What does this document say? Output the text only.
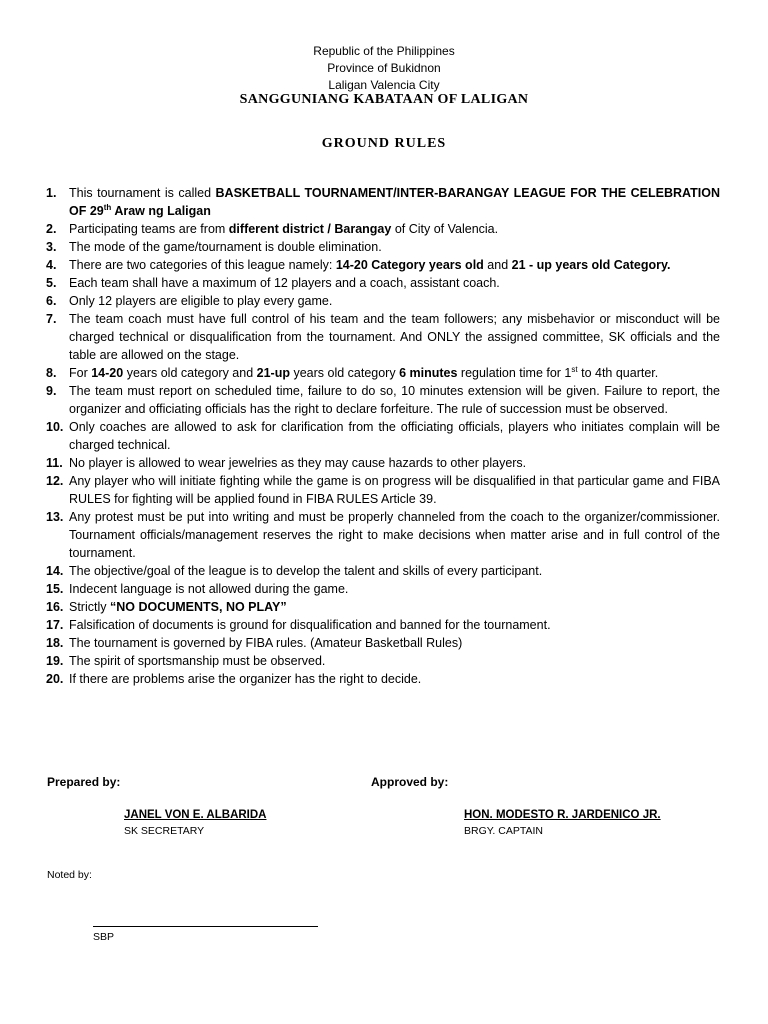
Republic of the Philippines
Province of Bukidnon
Laligan Valencia City
SANGGUNIANG KABATAAN OF LALIGAN
GROUND RULES
1. This tournament is called BASKETBALL TOURNAMENT/INTER-BARANGAY LEAGUE FOR THE CELEBRATION OF 29th Araw ng Laligan
2. Participating teams are from different district / Barangay of City of Valencia.
3. The mode of the game/tournament is double elimination.
4. There are two categories of this league namely: 14-20 Category years old and 21 - up years old Category.
5. Each team shall have a maximum of 12 players and a coach, assistant coach.
6. Only 12 players are eligible to play every game.
7. The team coach must have full control of his team and the team followers; any misbehavior or misconduct will be charged technical or disqualification from the tournament. And ONLY the assigned committee, SK officials and the table are allowed on the stage.
8. For 14-20 years old category and 21-up years old category 6 minutes regulation time for 1st to 4th quarter.
9. The team must report on scheduled time, failure to do so, 10 minutes extension will be given. Failure to report, the organizer and officiating officials has the right to declare forfeiture. The rule of succession must be observed.
10. Only coaches are allowed to ask for clarification from the officiating officials, players who initiates complain will be charged technical.
11. No player is allowed to wear jewelries as they may cause hazards to other players.
12. Any player who will initiate fighting while the game is on progress will be disqualified in that particular game and FIBA RULES for fighting will be applied found in FIBA RULES Article 39.
13. Any protest must be put into writing and must be properly channeled from the coach to the organizer/commissioner. Tournament officials/management reserves the right to make decisions when matter arise and in full control of the tournament.
14. The objective/goal of the league is to develop the talent and skills of every participant.
15. Indecent language is not allowed during the game.
16. Strictly “NO DOCUMENTS, NO PLAY”
17. Falsification of documents is ground for disqualification and banned for the tournament.
18. The tournament is governed by FIBA rules. (Amateur Basketball Rules)
19. The spirit of sportsmanship must be observed.
20. If there are problems arise the organizer has the right to decide.
Prepared by:	Approved by:
JANEL VON E. ALBARIDA
SK SECRETARY
HON. MODESTO R. JARDENICO JR.
BRGY. CAPTAIN
Noted by:
SBP
